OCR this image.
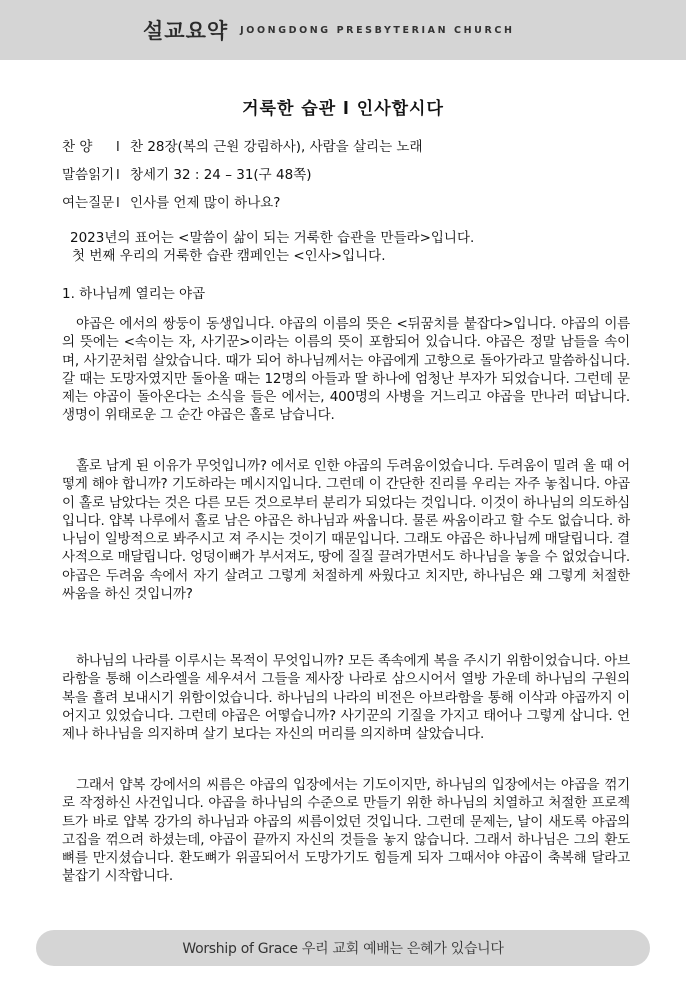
설교요약 JOONGDONG PRESBYTERIAN CHURCH
거룩한 습관 l 인사합시다
찬 양 l 찬 28장(복의 근원 강림하사), 사람을 살리는 노래
말씀읽기 l 창세기 32 : 24 – 31(구 48쪽)
여는질문 l 인사를 언제 많이 하나요?
2023년의 표어는 <말씀이 삶이 되는 거룩한 습관을 만들라>입니다.
첫 번째 우리의 거룩한 습관 캠페인는 <인사>입니다.
1. 하나님께 열리는 야곱
야곱은 에서의 쌍둥이 동생입니다. 야곱의 이름의 뜻은 <뒤꿈치를 붙잡다>입니다. 야곱의 이름의 뜻에는 <속이는 자, 사기꾼>이라는 이름의 뜻이 포함되어 있습니다. 야곱은 정말 남들을 속이며, 사기꾼처럼 살았습니다. 때가 되어 하나님께서는 야곱에게 고향으로 돌아가라고 말씀하십니다. 갈 때는 도망자였지만 돌아올 때는 12명의 아들과 딸 하나에 엄청난 부자가 되었습니다. 그런데 문제는 야곱이 돌아온다는 소식을 들은 에서는, 400명의 사병을 거느리고 야곱을 만나러 떠납니다. 생명이 위태로운 그 순간 야곱은 홀로 남습니다.
홀로 남게 된 이유가 무엇입니까? 에서로 인한 야곱의 두려움이었습니다. 두려움이 밀려 올 때 어떻게 해야 합니까? 기도하라는 메시지입니다. 그런데 이 간단한 진리를 우리는 자주 놓칩니다. 야곱이 홀로 남았다는 것은 다른 모든 것으로부터 분리가 되었다는 것입니다. 이것이 하나님의 의도하심입니다. 얍복 나루에서 홀로 남은 야곱은 하나님과 싸웁니다. 물론 싸움이라고 할 수도 없습니다. 하나님이 일방적으로 봐주시고 져 주시는 것이기 때문입니다. 그래도 야곱은 하나님께 매달립니다. 결사적으로 매달립니다. 엉덩이뼈가 부서져도, 땅에 질질 끌려가면서도 하나님을 놓을 수 없었습니다. 야곱은 두려움 속에서 자기 살려고 그렇게 처절하게 싸웠다고 치지만, 하나님은 왜 그렇게 처절한 싸움을 하신 것입니까?
하나님의 나라를 이루시는 목적이 무엇입니까? 모든 족속에게 복을 주시기 위함이었습니다. 아브라함을 통해 이스라엘을 세우셔서 그들을 제사장 나라로 삼으시어서 열방 가운데 하나님의 구원의 복을 흘려 보내시기 위함이었습니다. 하나님의 나라의 비전은 아브라함을 통해 이삭과 야곱까지 이어지고 있었습니다. 그런데 야곱은 어떻습니까? 사기꾼의 기질을 가지고 태어나 그렇게 삽니다. 언제나 하나님을 의지하며 살기 보다는 자신의 머리를 의지하며 살았습니다.
그래서 얍복 강에서의 씨름은 야곱의 입장에서는 기도이지만, 하나님의 입장에서는 야곱을 꺾기로 작정하신 사건입니다. 야곱을 하나님의 수준으로 만들기 위한 하나님의 치열하고 처절한 프로젝트가 바로 얍복 강가의 하나님과 야곱의 씨름이었던 것입니다. 그런데 문제는, 날이 새도록 야곱의 고집을 꺾으려 하셨는데, 야곱이 끝까지 자신의 것들을 놓지 않습니다. 그래서 하나님은 그의 환도뼈를 만지셨습니다. 환도뼈가 위골되어서 도망가기도 힘들게 되자 그때서야 야곱이 축복해 달라고 붙잡기 시작합니다.
Worship of Grace 우리 교회 예배는 은혜가 있습니다
